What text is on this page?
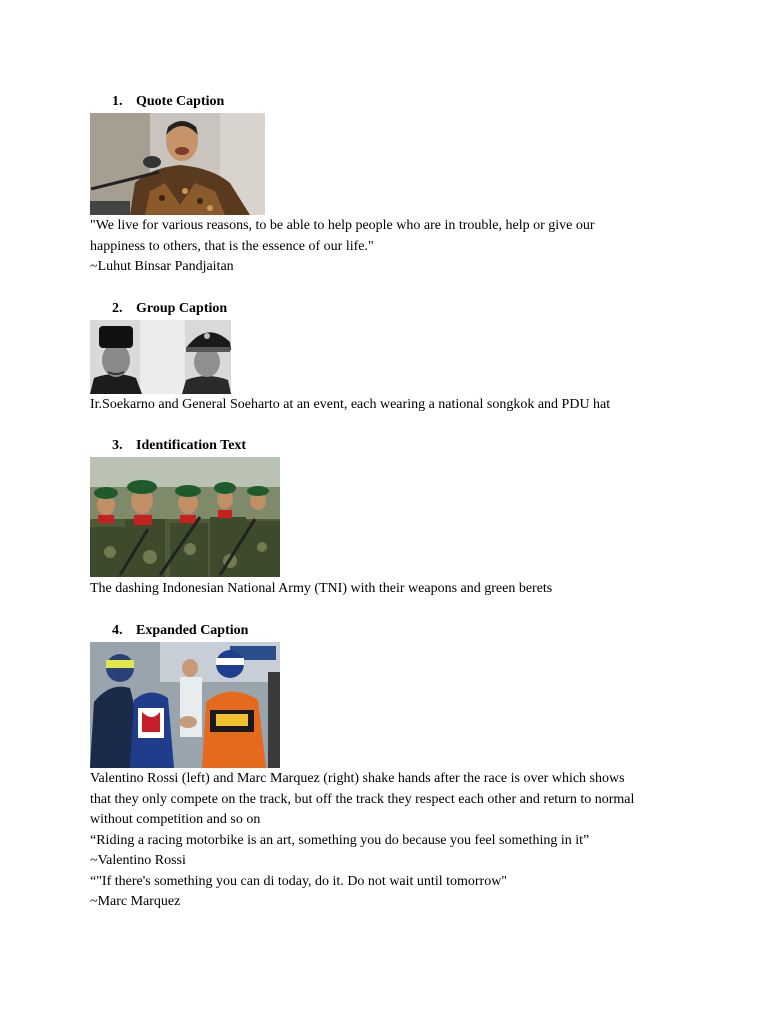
1. Quote Caption
"We live for various reasons, to be able to help people who are in trouble, help or give our
happiness to others, that is the essence of our life."
~Luhut Binsar Pandjaitan
2. Group Caption
Ir.Soekarno and General Soeharto at an event, each wearing a national songkok and PDU hat
3. Identification Text
The dashing Indonesian National Army (TNI) with their weapons and green berets
4. Expanded Caption
Valentino Rossi (left) and Marc Marquez (right) shake hands after the race is over which shows
that they only compete on the track, but off the track they respect each other and return to normal
without competition and so on
“Riding a racing motorbike is an art, something you do because you feel something in it”
~Valentino Rossi
“"If there's something you can di today, do it. Do not wait until tomorrow"
~Marc Marquez
